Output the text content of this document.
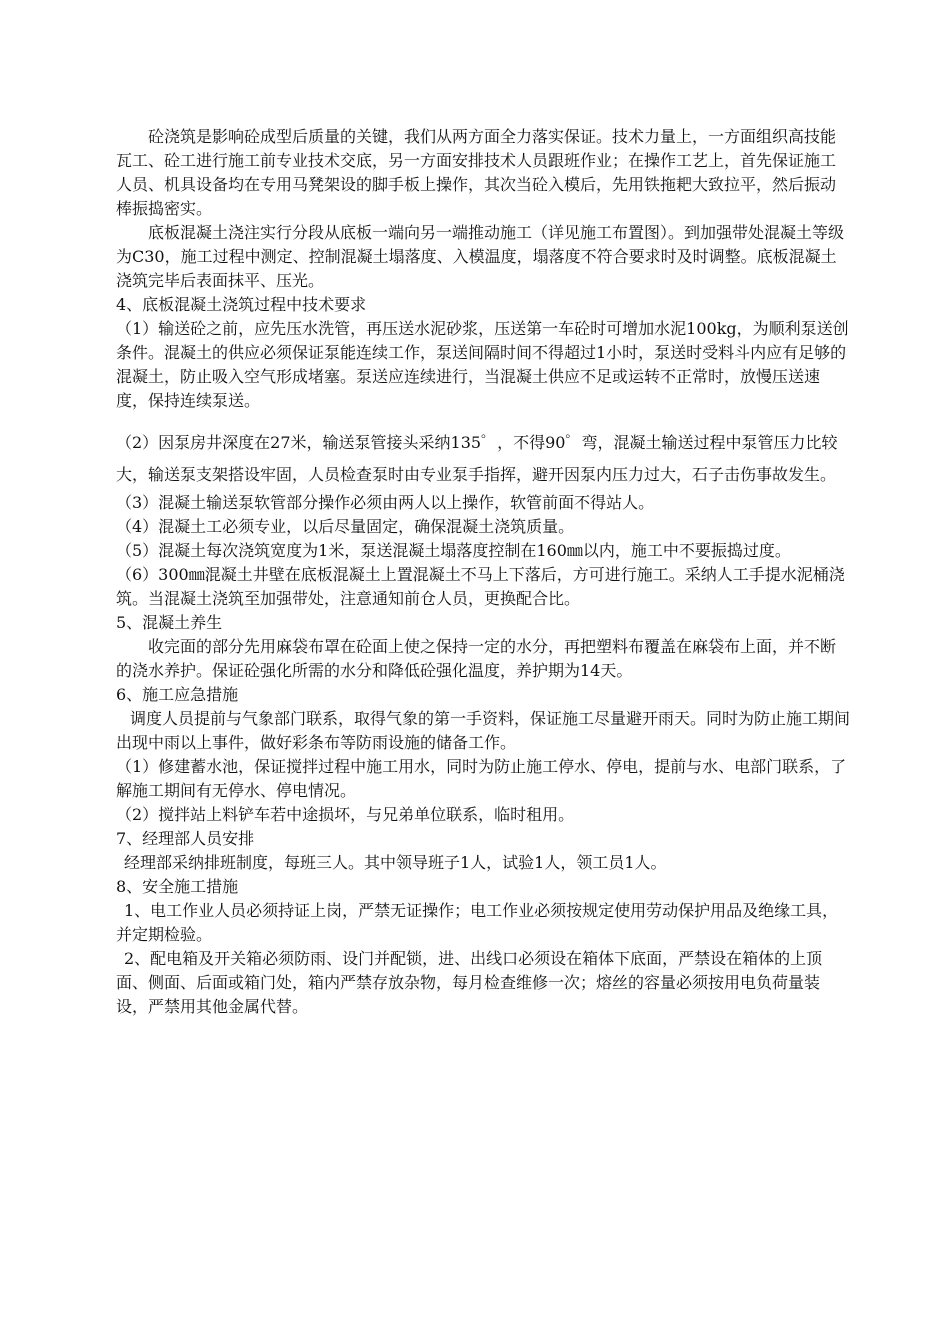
砼浇筑是影响砼成型后质量的关键，我们从两方面全力落实保证。技术力量上，一方面组织高技能瓦工、砼工进行施工前专业技术交底，另一方面安排技术人员跟班作业；在操作工艺上，首先保证施工人员、机具设备均在专用马凳架设的脚手板上操作，其次当砼入模后，先用铁拖耙大致拉平，然后振动棒振捣密实。

底板混凝土浇注实行分段从底板一端向另一端推动施工（详见施工布置图）。到加强带处混凝土等级为C30，施工过程中测定、控制混凝土塌落度、入模温度，塌落度不符合要求时及时调整。底板混凝土浇筑完毕后表面抹平、压光。

4、底板混凝土浇筑过程中技术要求

（1）输送砼之前，应先压水洗管，再压送水泥砂浆，压送第一车砼时可增加水泥100kg，为顺利泵送创条件。混凝土的供应必须保证泵能连续工作，泵送间隔时间不得超过1小时，泵送时受料斗内应有足够的混凝土，防止吸入空气形成堵塞。泵送应连续进行，当混凝土供应不足或运转不正常时，放慢压送速度，保持连续泵送。

（2）因泵房井深度在27米，输送泵管接头采纳135゜，不得90゜弯，混凝土输送过程中泵管压力比较大，输送泵支架搭设牢固，人员检查泵时由专业泵手指挥，避开因泵内压力过大，石子击伤事故发生。

（3）混凝土输送泵软管部分操作必须由两人以上操作，软管前面不得站人。

（4）混凝土工必须专业，以后尽量固定，确保混凝土浇筑质量。

（5）混凝土每次浇筑宽度为1米，泵送混凝土塌落度控制在160㎜以内，施工中不要振捣过度。

（6）300㎜混凝土井壁在底板混凝土上置混凝土不马上下落后，方可进行施工。采纳人工手提水泥桶浇筑。当混凝土浇筑至加强带处，注意通知前仓人员，更换配合比。

5、混凝土养生

收完面的部分先用麻袋布罩在砼面上使之保持一定的水分，再把塑料布覆盖在麻袋布上面，并不断的浇水养护。保证砼强化所需的水分和降低砼强化温度，养护期为14天。

6、施工应急措施

调度人员提前与气象部门联系，取得气象的第一手资料，保证施工尽量避开雨天。同时为防止施工期间出现中雨以上事件，做好彩条布等防雨设施的储备工作。

（1）修建蓄水池，保证搅拌过程中施工用水，同时为防止施工停水、停电，提前与水、电部门联系，了解施工期间有无停水、停电情况。

（2）搅拌站上料铲车若中途损坏，与兄弟单位联系，临时租用。

7、经理部人员安排

经理部采纳排班制度，每班三人。其中领导班子1人，试验1人，领工员1人。

8、安全施工措施

1、电工作业人员必须持证上岗，严禁无证操作；电工作业必须按规定使用劳动保护用品及绝缘工具，并定期检验。

2、配电箱及开关箱必须防雨、设门并配锁，进、出线口必须设在箱体下底面，严禁设在箱体的上顶面、侧面、后面或箱门处，箱内严禁存放杂物，每月检查维修一次；熔丝的容量必须按用电负荷量装设，严禁用其他金属代替。
